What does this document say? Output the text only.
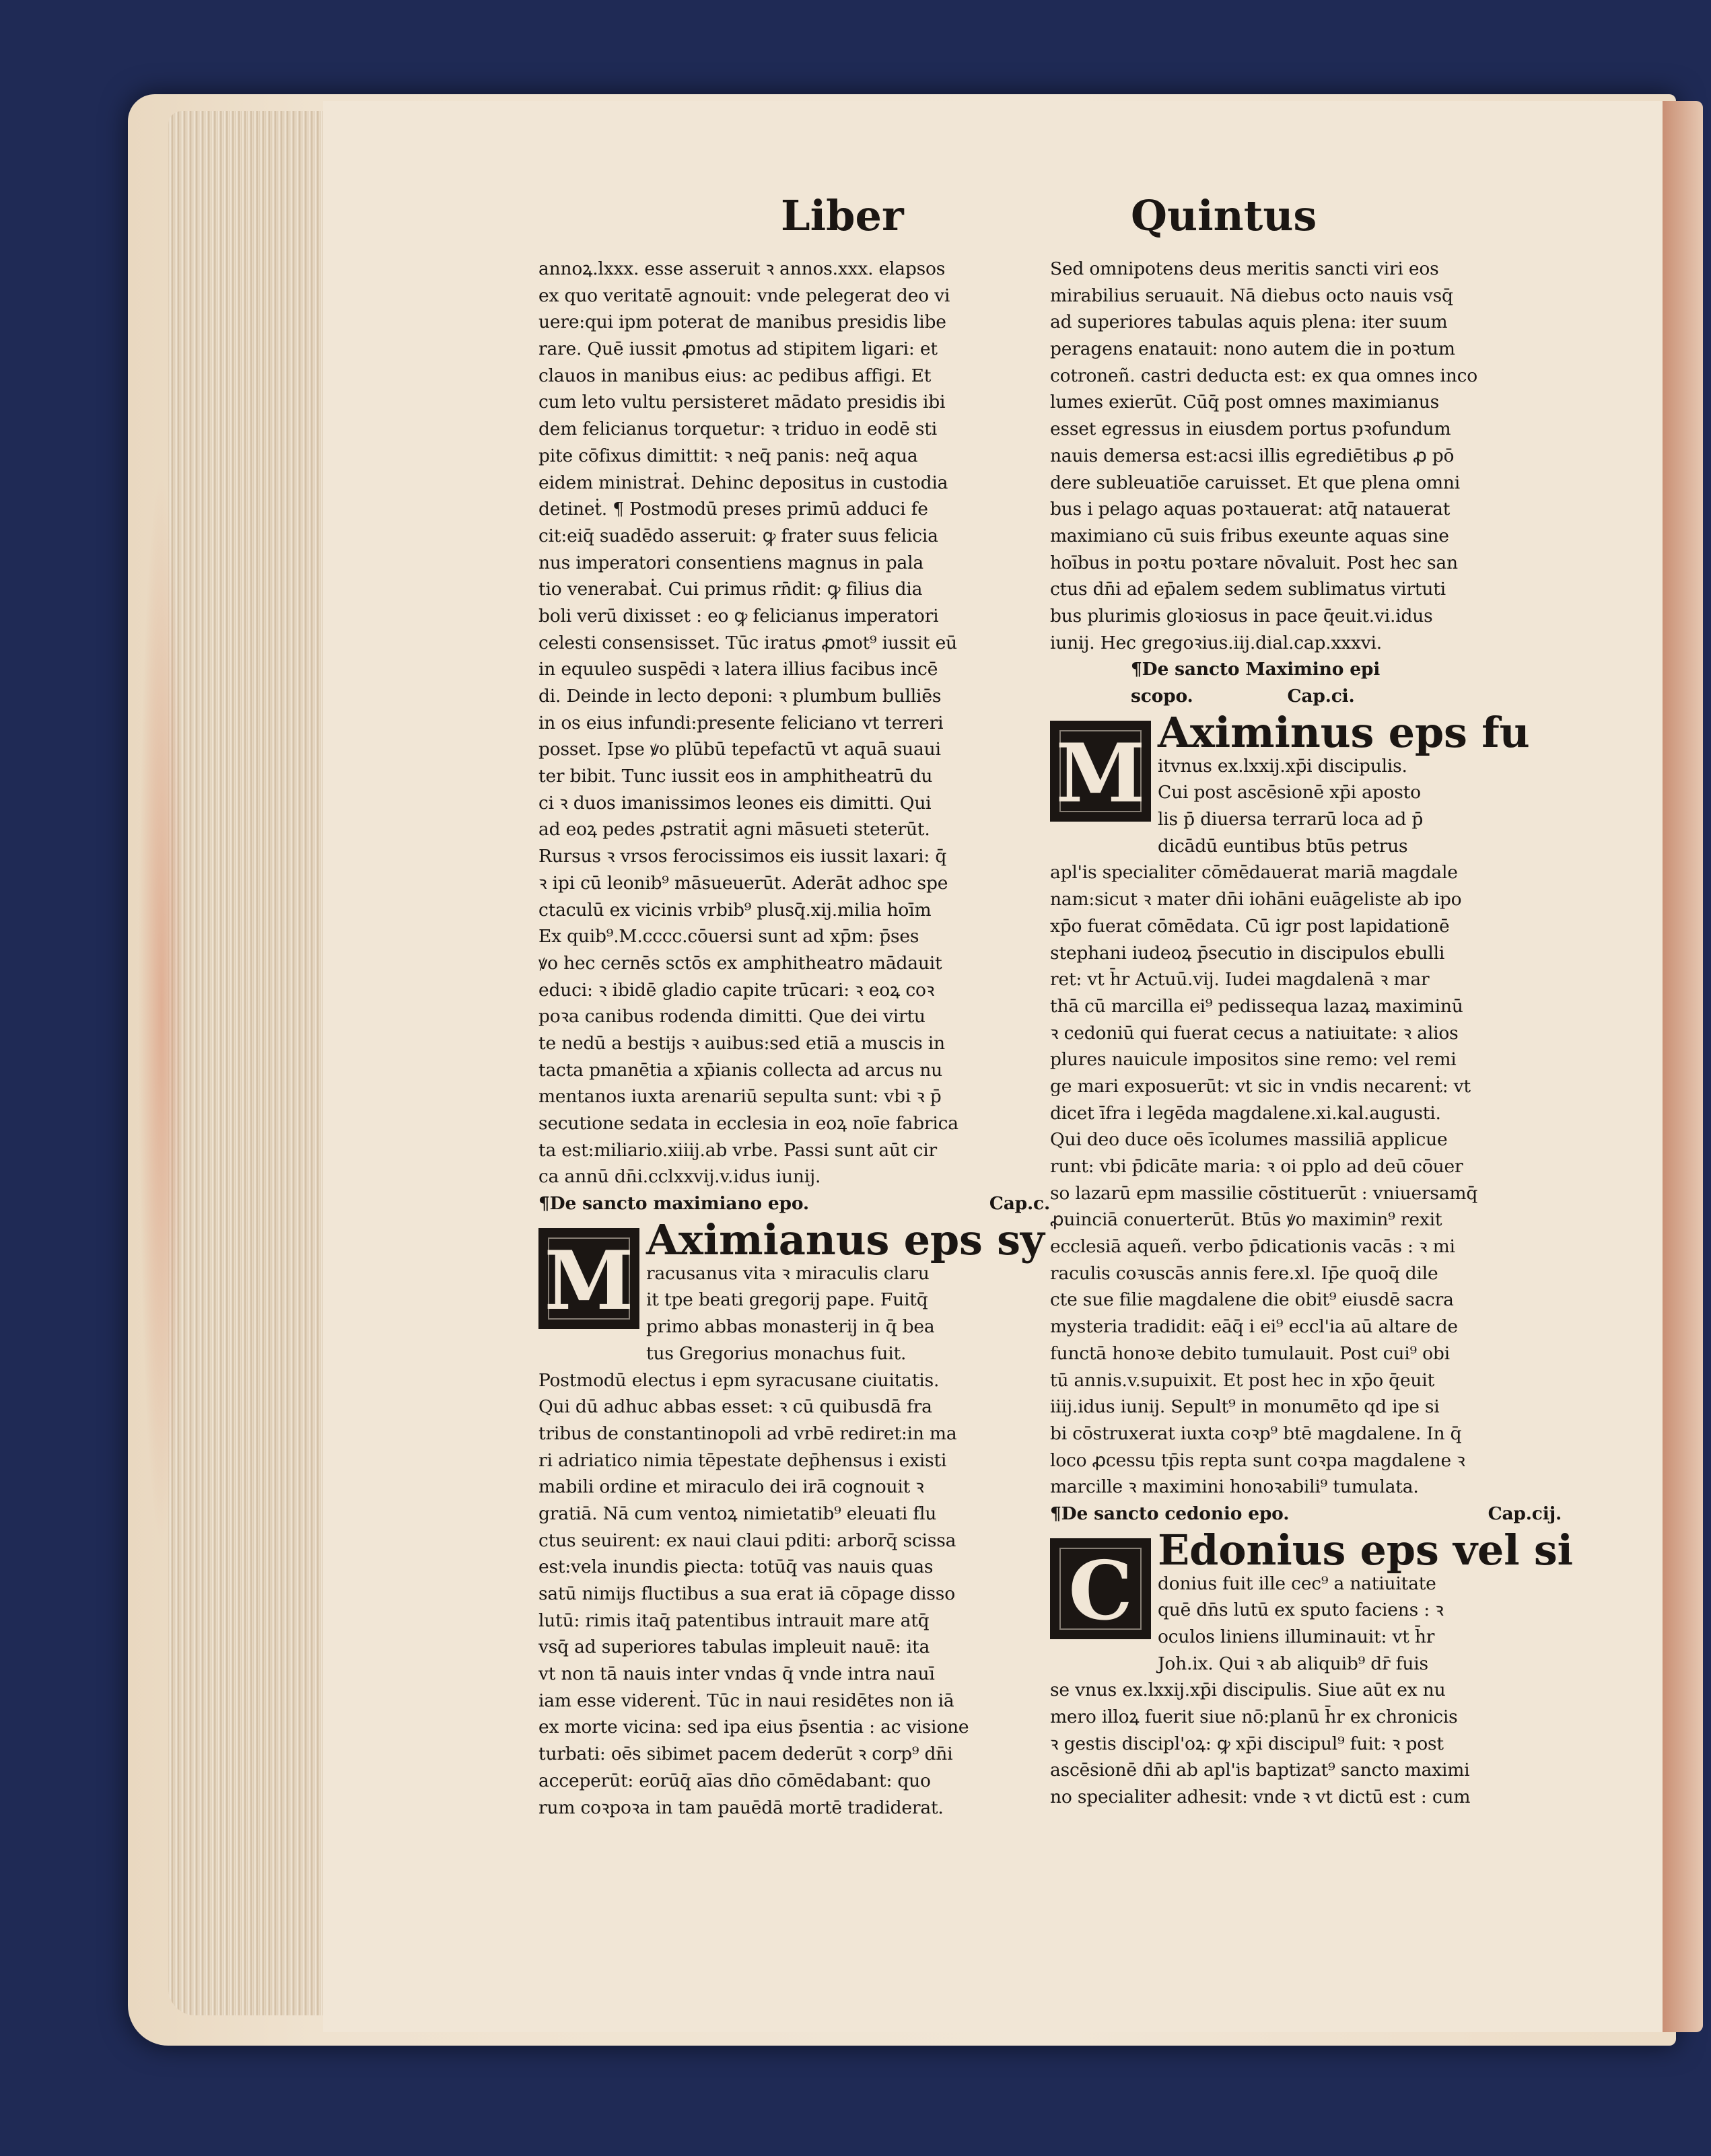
Liber	Quintus
annoꝝ.lxxx. esse asseruit ꝛ annos.xxx. elapsos
ex quo veritatē agnouit: vnde pelegerat deo vi
uere:qui ipm poterat de manibus presidis libe
rare. Quē iussit ꝓmotus ad stipitem ligari: et
clauos in manibus eius: ac pedibus affigi. Et
cum leto vultu persisteret mādato presidis ibi
dem felicianus torquetur: ꝛ triduo in eodē sti
pite cōfixus dimittit: ꝛ neq̄ panis: neq̄ aqua
eidem ministraṫ. Dehinc depositus in custodia
detineṫ. ¶ Postmodū preses primū adduci fe
cit:eiq̄ suadēdo asseruit: ꝙ frater suus felicia
nus imperatori consentiens magnus in pala
tio venerabaṫ. Cui primus rn̄dit: ꝙ filius dia
boli verū dixisset : eo ꝙ felicianus imperatori
celesti consensisset. Tūc iratus ꝓmot⁹ iussit eū
in equuleo suspēdi ꝛ latera illius facibus incē
di. Deinde in lecto deponi: ꝛ plumbum bulliēs
in os eius infundi:presente feliciano vt terreri
posset. Ipse ꝟo plūbū tepefactū vt aquā suaui
ter bibit. Tunc iussit eos in amphitheatrū du
ci ꝛ duos imanissimos leones eis dimitti. Qui
ad eoꝝ pedes ꝓstratiṫ agni māsueti steterūt.
Rursus ꝛ vrsos ferocissimos eis iussit laxari: q̄
ꝛ ipi cū leonib⁹ māsueuerūt. Aderāt adhoc spe
ctaculū ex vicinis vrbib⁹ plusq̄.xij.milia hoīm
Ex quib⁹.M.cccc.cōuersi sunt ad xp̄m: p̄ses
ꝟo hec cernēs sctōs ex amphitheatro mādauit
educi: ꝛ ibidē gladio capite trūcari: ꝛ eoꝝ coꝛ
poꝛa canibus rodenda dimitti. Que dei virtu
te nedū a bestijs ꝛ auibus:sed etiā a muscis in
tacta pmanētia a xp̄ianis collecta ad arcus nu
mentanos iuxta arenariū sepulta sunt: vbi ꝛ p̄
secutione sedata in ecclesia in eoꝝ noīe fabrica
ta est:miliario.xiiij.ab vrbe. Passi sunt aūt cir
ca annū dn̄i.cclxxvij.v.idus iunij.
¶De sancto maximiano epo.	Cap.c.
M Aximianus eps sy
racusanus vita ꝛ miraculis claru
it tpe beati gregorij pape. Fuitq̄
primo abbas monasterij in q̄ bea
tus Gregorius monachus fuit.
Postmodū electus i epm syracusane ciuitatis.
Qui dū adhuc abbas esset: ꝛ cū quibusdā fra
tribus de constantinopoli ad vrbē rediret:in ma
ri adriatico nimia tēpestate dep̄hensus i existi
mabili ordine et miraculo dei irā cognouit ꝛ
gratiā. Nā cum ventoꝝ nimietatib⁹ eleuati flu
ctus seuirent: ex naui claui pditi: arborq̄ scissa
est:vela inundis ꝑiecta: totūq̄ vas nauis quas
satū nimijs fluctibus a sua erat iā cōpage disso
lutū: rimis itaq̄ patentibus intrauit mare atq̄
vsq̄ ad superiores tabulas impleuit nauē: ita
vt non tā nauis inter vndas q̄ vnde intra nauī
iam esse viderenṫ. Tūc in naui residētes non iā
ex morte vicina: sed ipa eius p̄sentia : ac visione
turbati: oēs sibimet pacem dederūt ꝛ corp⁹ dn̄i
acceperūt: eorūq̄ aīas dn̄o cōmēdabant: quo
rum coꝛpoꝛa in tam pauēdā mortē tradiderat.
Sed omnipotens deus meritis sancti viri eos
mirabilius seruauit. Nā diebus octo nauis vsq̄
ad superiores tabulas aquis plena: iter suum
peragens enatauit: nono autem die in poꝛtum
cotroneñ. castri deducta est: ex qua omnes inco
lumes exierūt. Cūq̄ post omnes maximianus
esset egressus in eiusdem portus pꝛofundum
nauis demersa est:acsi illis egrediētibus ꝓ pō
dere subleuatiōe caruisset. Et que plena omni
bus i pelago aquas poꝛtauerat: atq̄ natauerat
maximiano cū suis fribus exeunte aquas sine
hoībus in poꝛtu poꝛtare nōvaluit. Post hec san
ctus dn̄i ad ep̄alem sedem sublimatus virtuti
bus plurimis gloꝛiosus in pace q̄euit.vi.idus
iunij. Hec gregoꝛius.iij.dial.cap.xxxvi.
¶De sancto Maximino epi
scopo.	Cap.ci.
M Aximinus eps fu
itvnus ex.lxxij.xp̄i discipulis.
Cui post ascēsionē xp̄i aposto
lis p̄ diuersa terrarū loca ad p̄
dicādū euntibus btūs petrus
apl'is specialiter cōmēdauerat mariā magdale
nam:sicut ꝛ mater dn̄i iohāni euāgeliste ab ipo
xp̄o fuerat cōmēdata. Cū igr post lapidationē
stephani iudeoꝝ p̄secutio in discipulos ebulli
ret: vt h̄r Actuū.vij. Iudei magdalenā ꝛ mar
thā cū marcilla ei⁹ pedissequa lazaꝝ maximinū
ꝛ cedoniū qui fuerat cecus a natiuitate: ꝛ alios
plures nauicule impositos sine remo: vel remi
ge mari exposuerūt: vt sic in vndis necarenṫ: vt
dicet īfra i legēda magdalene.xi.kal.augusti.
Qui deo duce oēs īcolumes massiliā applicue
runt: vbi p̄dicāte maria: ꝛ oi pplo ad deū cōuer
so lazarū epm massilie cōstituerūt : vniuersamq̄
ꝓuinciā conuerterūt. Btūs ꝟo maximin⁹ rexit
ecclesiā aqueñ. verbo p̄dicationis vacās : ꝛ mi
raculis coꝛuscās annis fere.xl. Ip̄e quoq̄ dile
cte sue filie magdalene die obit⁹ eiusdē sacra
mysteria tradidit: eāq̄ i ei⁹ eccl'ia aū altare de
functā honoꝛe debito tumulauit. Post cui⁹ obi
tū annis.v.supuixit. Et post hec in xp̄o q̄euit
iiij.idus iunij. Sepult⁹ in monumēto qd ipe si
bi cōstruxerat iuxta coꝛp⁹ btē magdalene. In q̄
loco ꝓcessu tp̄is repta sunt coꝛpa magdalene ꝛ
marcille ꝛ maximini honoꝛabili⁹ tumulata.
¶De sancto cedonio epo.	Cap.cij.
C Edonius eps vel si
donius fuit ille cec⁹ a natiuitate
quē dn̄s lutū ex sputo faciens : ꝛ
oculos liniens illuminauit: vt h̄r
Joh.ix. Qui ꝛ ab aliquib⁹ dr̄ fuis
se vnus ex.lxxij.xp̄i discipulis. Siue aūt ex nu
mero illoꝝ fuerit siue nō:planū h̄r ex chronicis
ꝛ gestis discipl'oꝝ: ꝙ xp̄i discipul⁹ fuit: ꝛ post
ascēsionē dn̄i ab apl'is baptizat⁹ sancto maximi
no specialiter adhesit: vnde ꝛ vt dictū est : cum
